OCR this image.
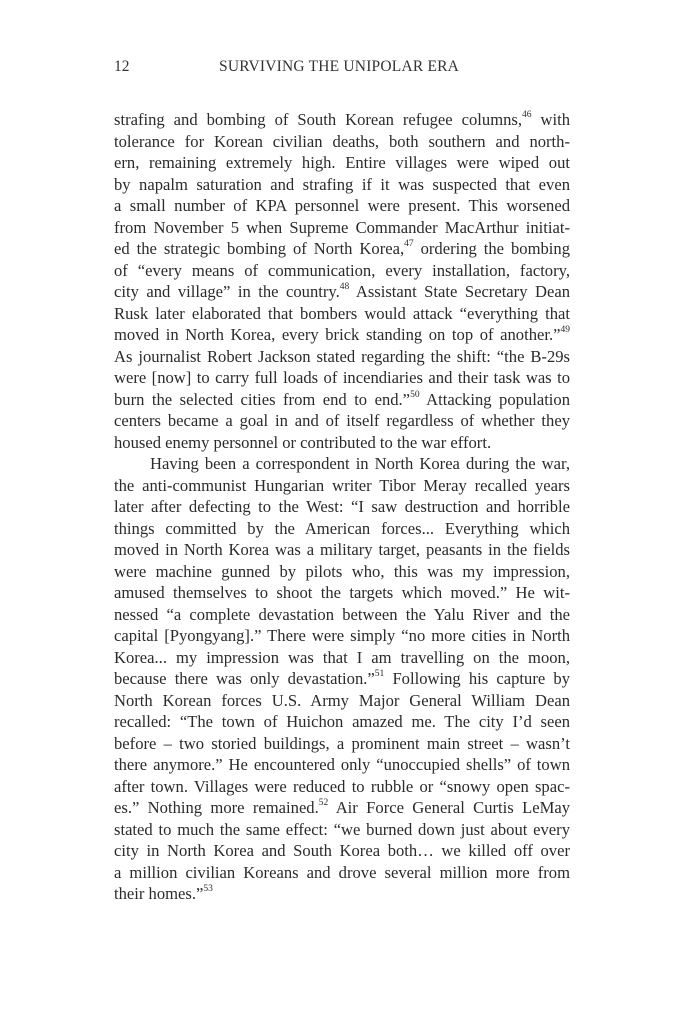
12	SURVIVING THE UNIPOLAR ERA
strafing and bombing of South Korean refugee columns,$^{46}$ with
tolerance for Korean civilian deaths, both southern and north-
ern, remaining extremely high. Entire villages were wiped out
by napalm saturation and strafing if it was suspected that even
a small number of KPA personnel were present. This worsened
from November 5 when Supreme Commander MacArthur initiat-
ed the strategic bombing of North Korea,$^{47}$ ordering the bombing
of “every means of communication, every installation, factory,
city and village” in the country.$^{48}$ Assistant State Secretary Dean
Rusk later elaborated that bombers would attack “everything that
moved in North Korea, every brick standing on top of another.”$^{49}$
As journalist Robert Jackson stated regarding the shift: “the B-29s
were [now] to carry full loads of incendiaries and their task was to
burn the selected cities from end to end.”$^{50}$ Attacking population
centers became a goal in and of itself regardless of whether they
housed enemy personnel or contributed to the war effort.
Having been a correspondent in North Korea during the war,
the anti-communist Hungarian writer Tibor Meray recalled years
later after defecting to the West: “I saw destruction and horrible
things committed by the American forces... Everything which
moved in North Korea was a military target, peasants in the fields
were machine gunned by pilots who, this was my impression,
amused themselves to shoot the targets which moved.” He wit-
nessed “a complete devastation between the Yalu River and the
capital [Pyongyang].” There were simply “no more cities in North
Korea... my impression was that I am travelling on the moon,
because there was only devastation.”$^{51}$ Following his capture by
North Korean forces U.S. Army Major General William Dean
recalled: “The town of Huichon amazed me. The city I’d seen
before – two storied buildings, a prominent main street – wasn’t
there anymore.” He encountered only “unoccupied shells” of town
after town. Villages were reduced to rubble or “snowy open spac-
es.” Nothing more remained.$^{52}$ Air Force General Curtis LeMay
stated to much the same effect: “we burned down just about every
city in North Korea and South Korea both… we killed off over
a million civilian Koreans and drove several million more from
their homes.”$^{53}$
